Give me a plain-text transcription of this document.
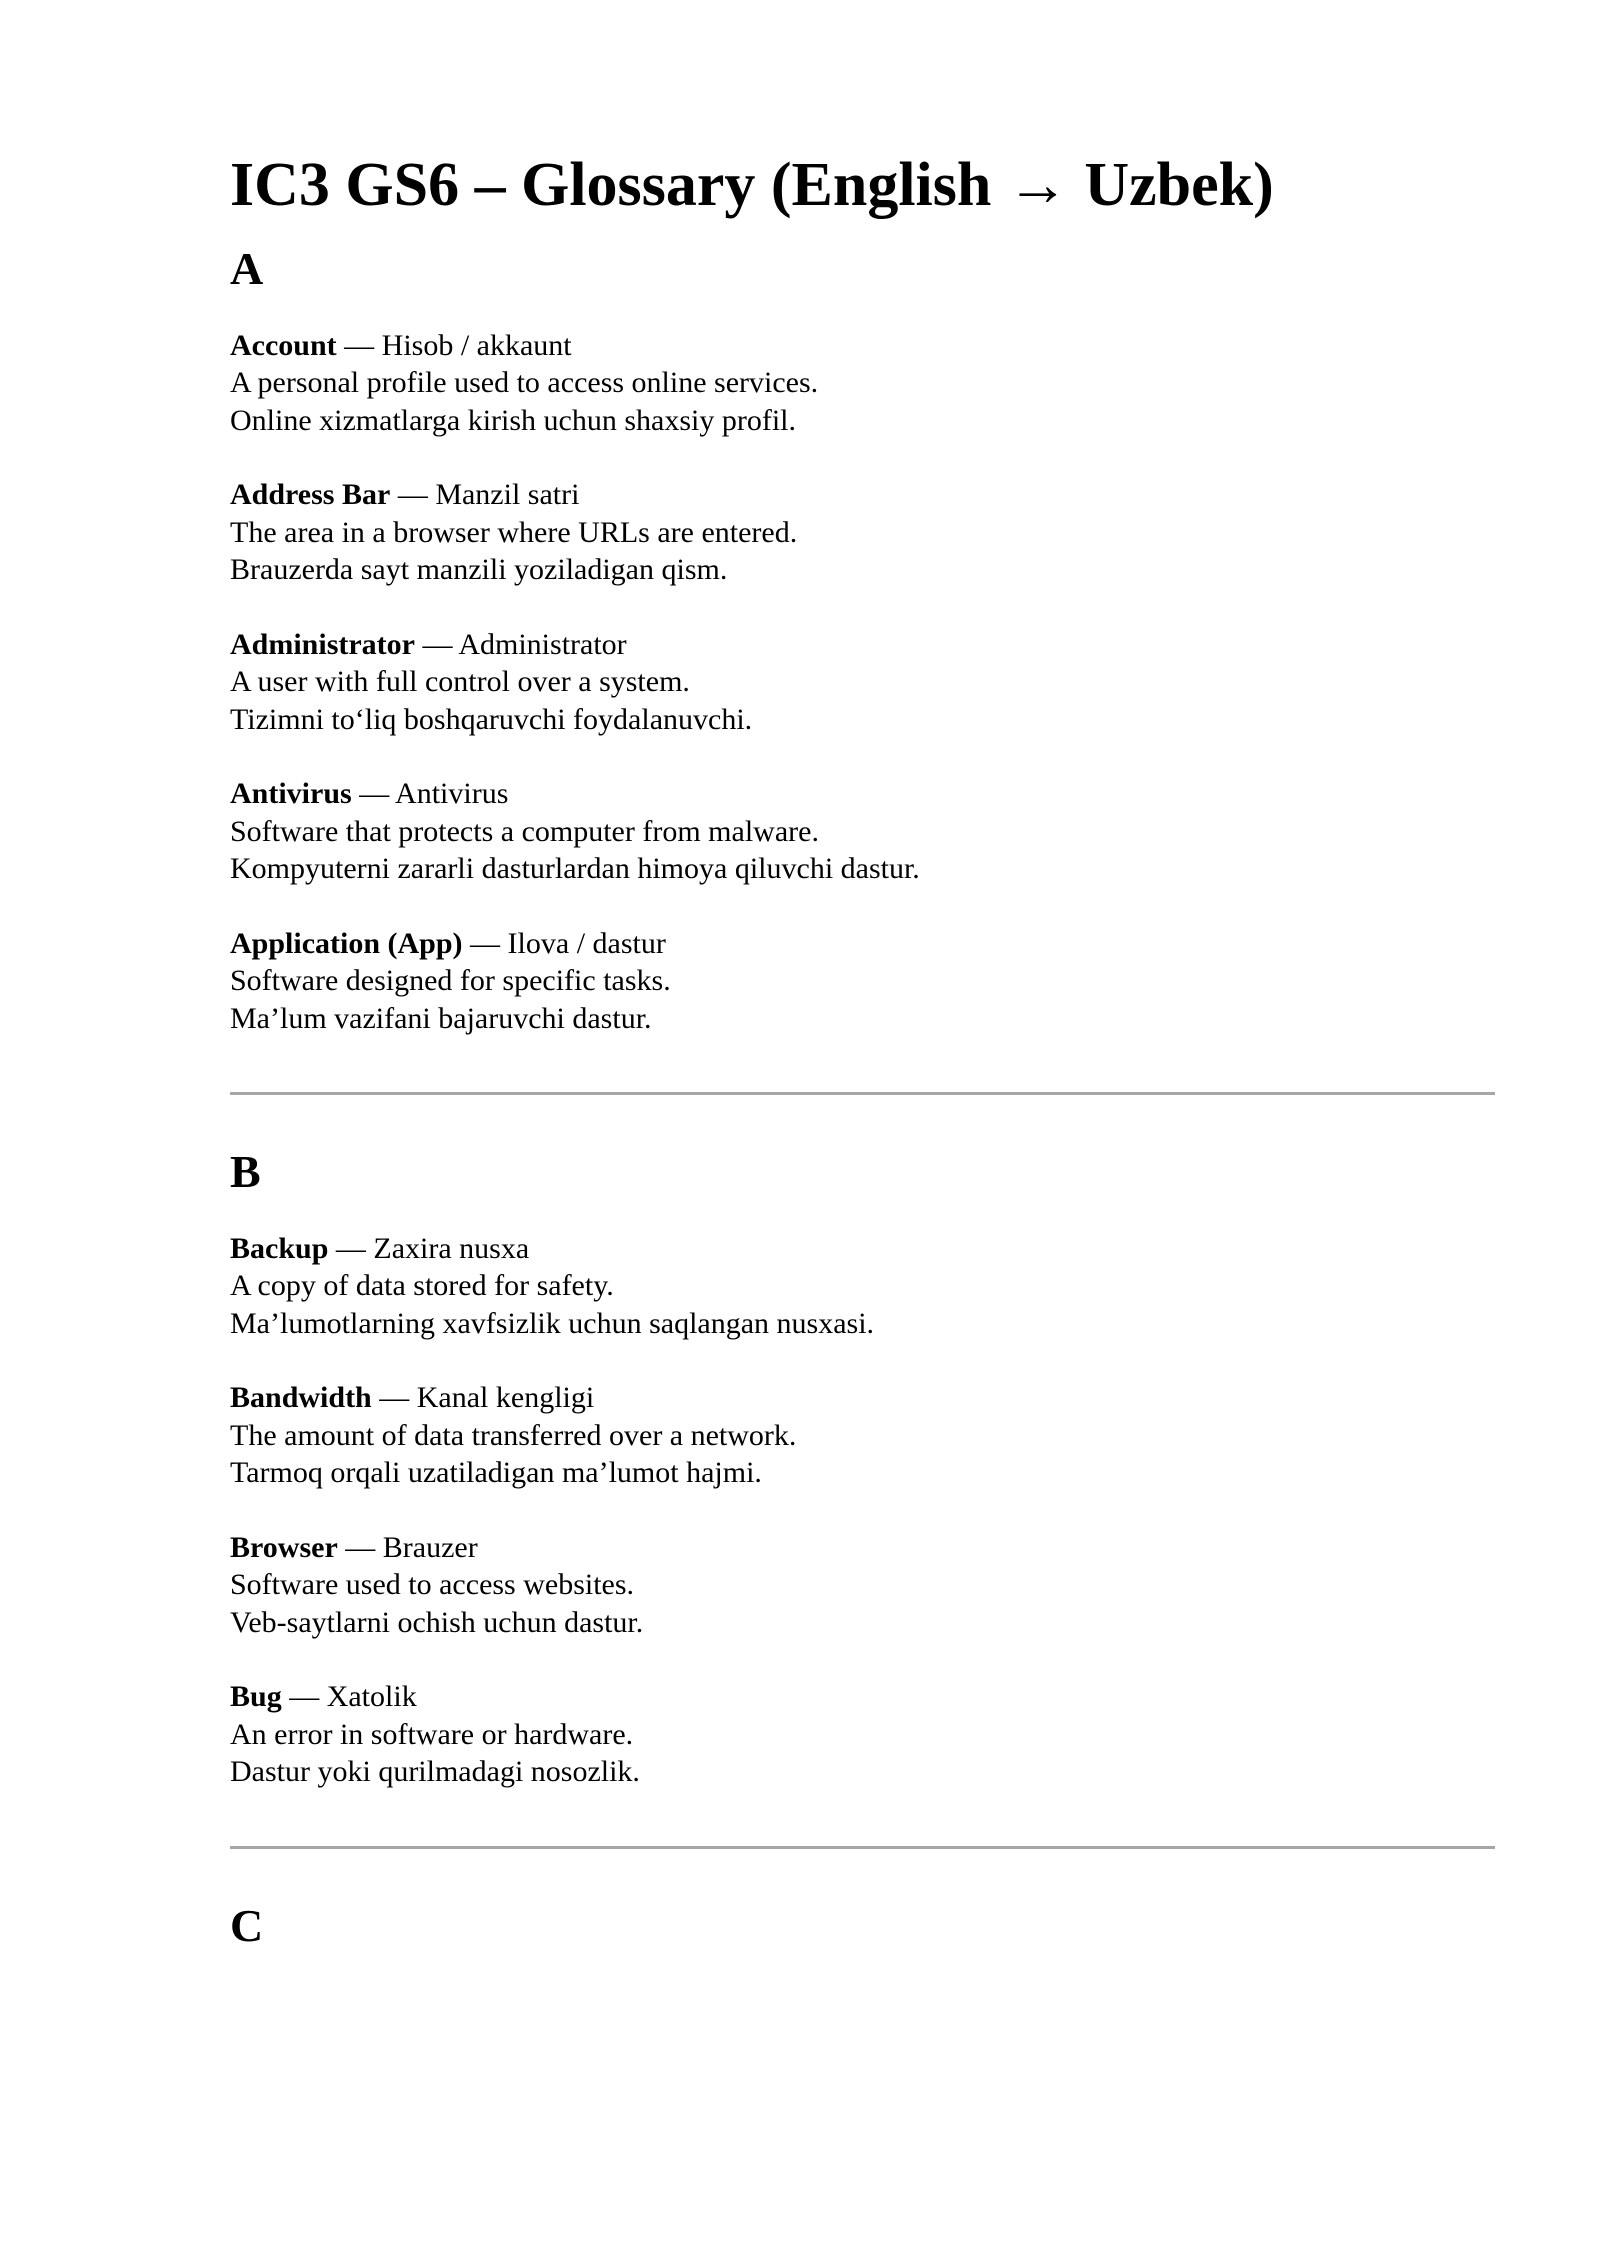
IC3 GS6 – Glossary (English → Uzbek)
A
Account — Hisob / akkaunt
A personal profile used to access online services.
Online xizmatlarga kirish uchun shaxsiy profil.
Address Bar — Manzil satri
The area in a browser where URLs are entered.
Brauzerda sayt manzili yoziladigan qism.
Administrator — Administrator
A user with full control over a system.
Tizimni to‘liq boshqaruvchi foydalanuvchi.
Antivirus — Antivirus
Software that protects a computer from malware.
Kompyuterni zararli dasturlardan himoya qiluvchi dastur.
Application (App) — Ilova / dastur
Software designed for specific tasks.
Ma’lum vazifani bajaruvchi dastur.
B
Backup — Zaxira nusxa
A copy of data stored for safety.
Ma’lumotlarning xavfsizlik uchun saqlangan nusxasi.
Bandwidth — Kanal kengligi
The amount of data transferred over a network.
Tarmoq orqali uzatiladigan ma’lumot hajmi.
Browser — Brauzer
Software used to access websites.
Veb-saytlarni ochish uchun dastur.
Bug — Xatolik
An error in software or hardware.
Dastur yoki qurilmadagi nosozlik.
C
